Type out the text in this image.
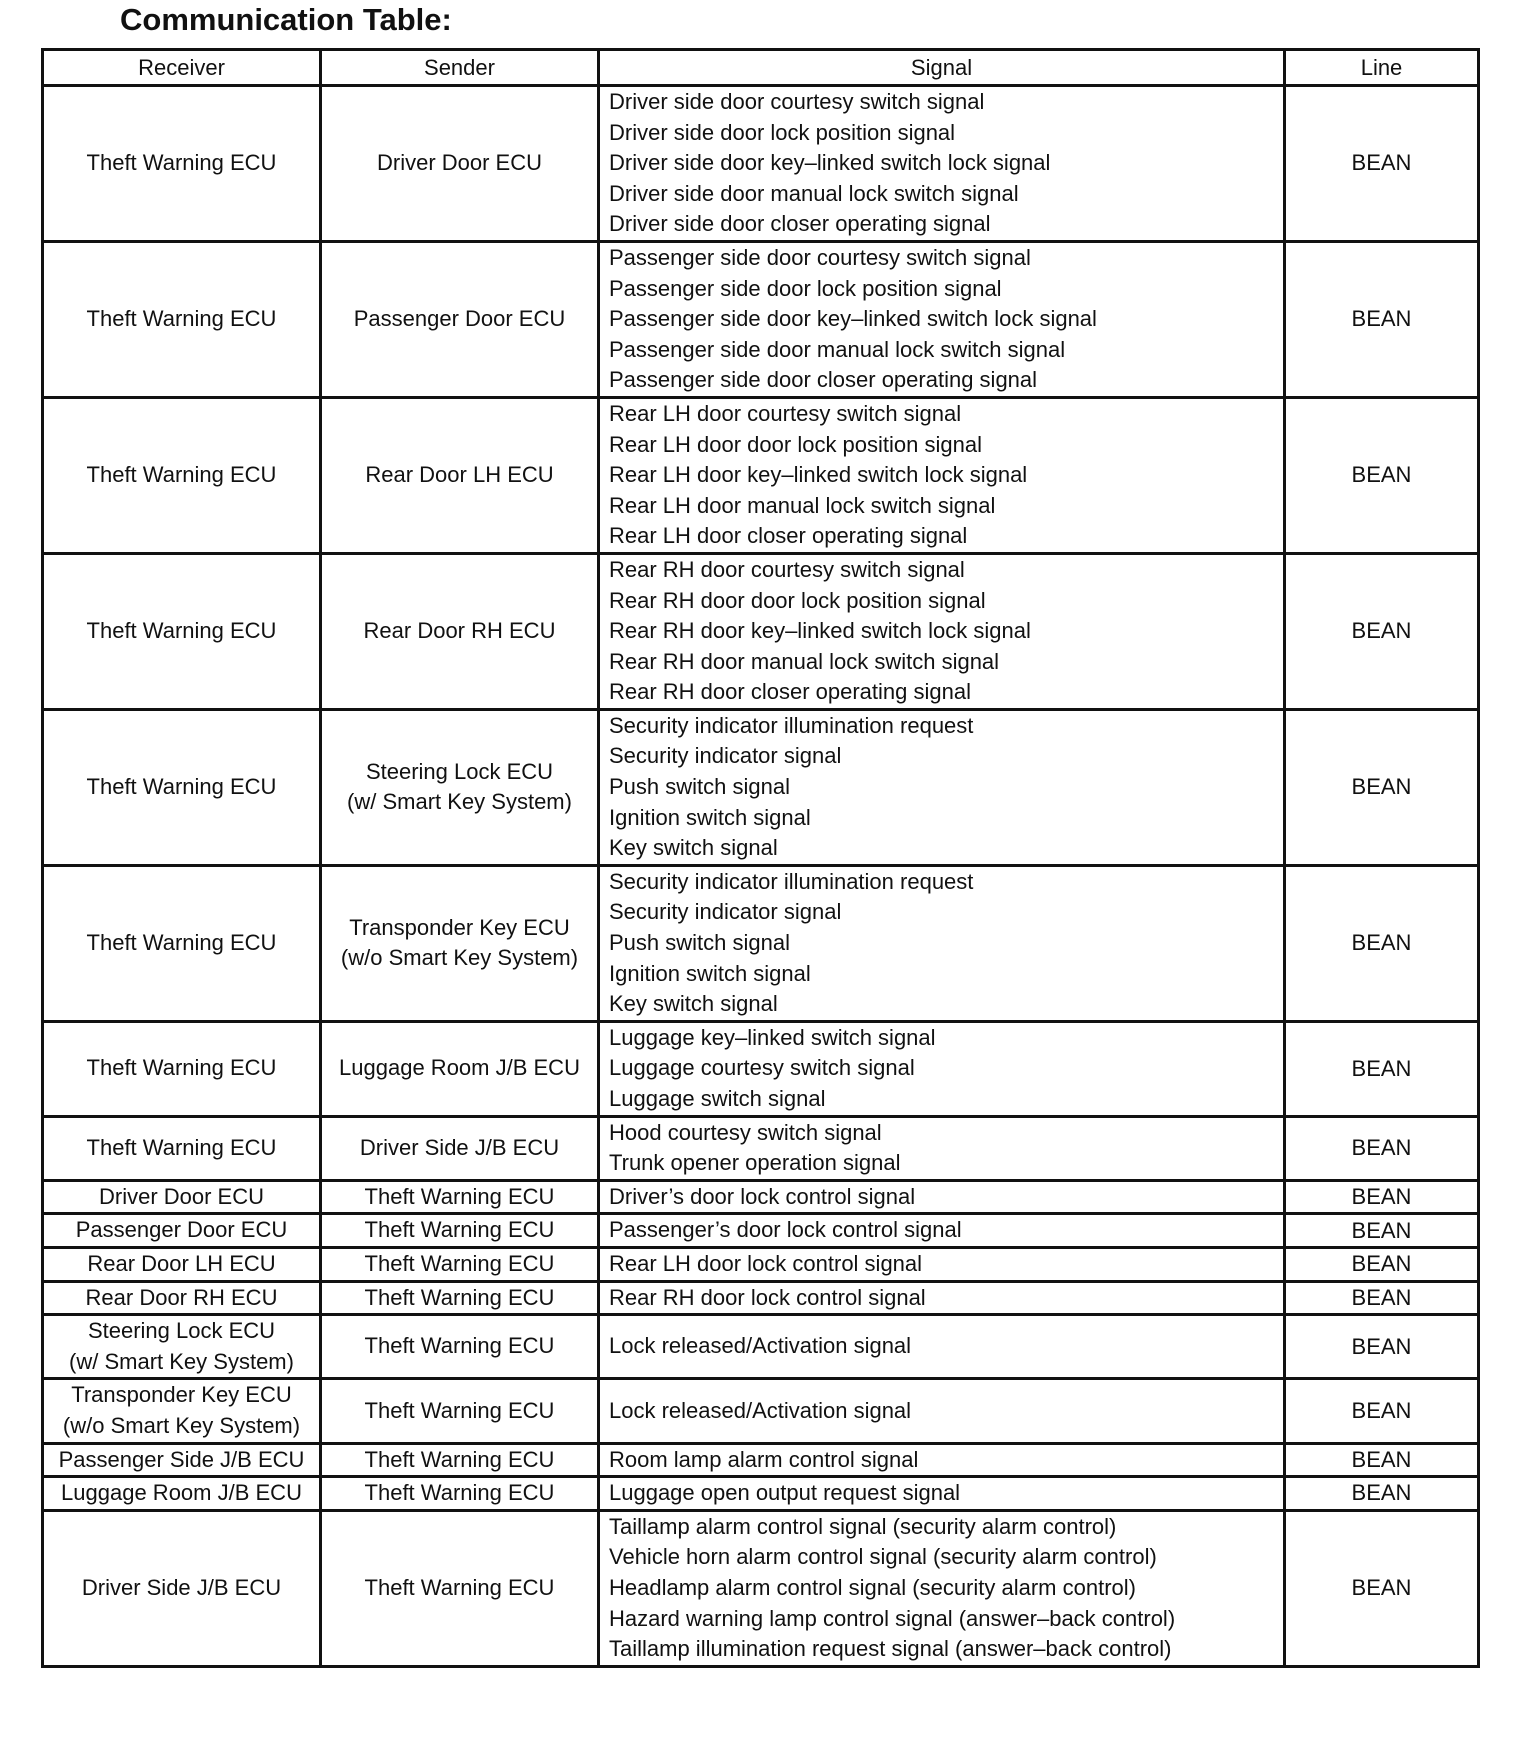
Communication Table:
Receiver	Sender	Signal	Line

Theft Warning ECU	Driver Door ECU	Driver side door courtesy switch signal
Driver side door lock position signal
Driver side door key–linked switch lock signal
Driver side door manual lock switch signal
Driver side door closer operating signal	BEAN

Theft Warning ECU	Passenger Door ECU	Passenger side door courtesy switch signal
Passenger side door lock position signal
Passenger side door key–linked switch lock signal
Passenger side door manual lock switch signal
Passenger side door closer operating signal	BEAN

Theft Warning ECU	Rear Door LH ECU	Rear LH door courtesy switch signal
Rear LH door door lock position signal
Rear LH door key–linked switch lock signal
Rear LH door manual lock switch signal
Rear LH door closer operating signal	BEAN

Theft Warning ECU	Rear Door RH ECU	Rear RH door courtesy switch signal
Rear RH door door lock position signal
Rear RH door key–linked switch lock signal
Rear RH door manual lock switch signal
Rear RH door closer operating signal	BEAN

Theft Warning ECU	Steering Lock ECU
(w/ Smart Key System)	Security indicator illumination request
Security indicator signal
Push switch signal
Ignition switch signal
Key switch signal	BEAN

Theft Warning ECU	Transponder Key ECU
(w/o Smart Key System)	Security indicator illumination request
Security indicator signal
Push switch signal
Ignition switch signal
Key switch signal	BEAN

Theft Warning ECU	Luggage Room J/B ECU	Luggage key–linked switch signal
Luggage courtesy switch signal
Luggage switch signal	BEAN

Theft Warning ECU	Driver Side J/B ECU	Hood courtesy switch signal
Trunk opener operation signal	BEAN

Driver Door ECU	Theft Warning ECU	Driver’s door lock control signal	BEAN

Passenger Door ECU	Theft Warning ECU	Passenger’s door lock control signal	BEAN

Rear Door LH ECU	Theft Warning ECU	Rear LH door lock control signal	BEAN

Rear Door RH ECU	Theft Warning ECU	Rear RH door lock control signal	BEAN

Steering Lock ECU
(w/ Smart Key System)	Theft Warning ECU	Lock released/Activation signal	BEAN

Transponder Key ECU
(w/o Smart Key System)	Theft Warning ECU	Lock released/Activation signal	BEAN

Passenger Side J/B ECU	Theft Warning ECU	Room lamp alarm control signal	BEAN

Luggage Room J/B ECU	Theft Warning ECU	Luggage open output request signal	BEAN

Driver Side J/B ECU	Theft Warning ECU	Taillamp alarm control signal (security alarm control)
Vehicle horn alarm control signal (security alarm control)
Headlamp alarm control signal (security alarm control)
Hazard warning lamp control signal (answer–back control)
Taillamp illumination request signal (answer–back control)	BEAN
